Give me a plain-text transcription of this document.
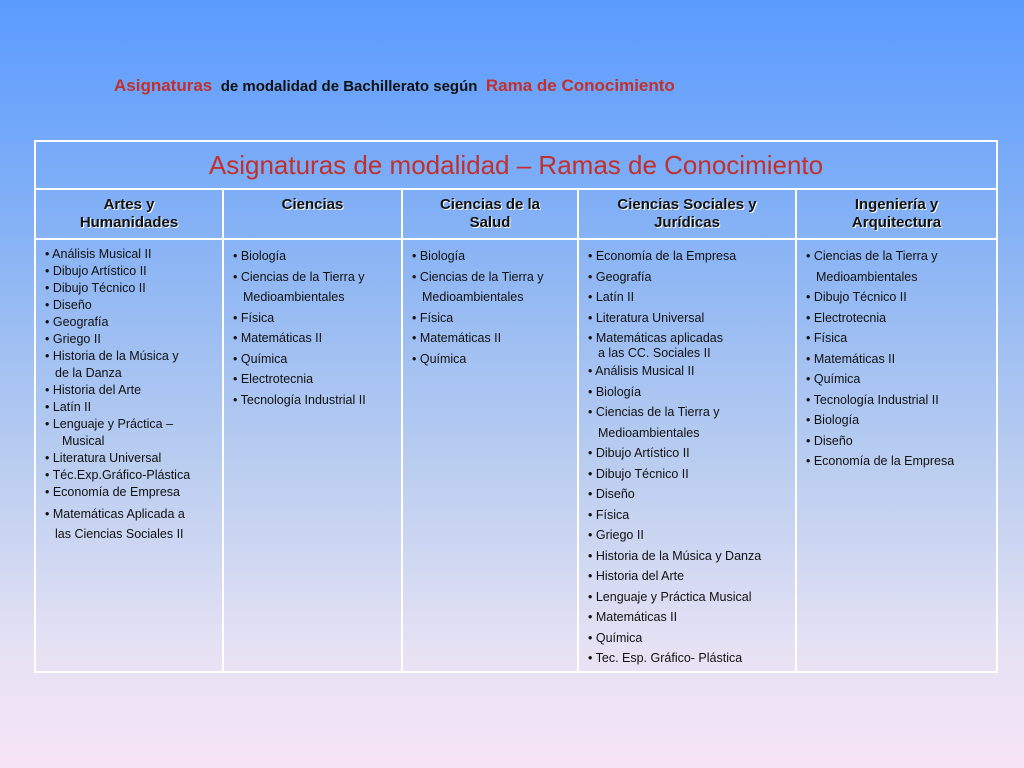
Asignaturas de modalidad de Bachillerato según Rama de Conocimiento
Asignaturas de modalidad – Ramas de Conocimiento
Artes y
Humanidades
Ciencias	Ciencias de la
Salud
Ciencias Sociales y
Jurídicas
Ingeniería y
Arquitectura
• Análisis Musical II
• Dibujo Artístico II
• Dibujo Técnico II
• Diseño
• Geografía
• Griego II
• Historia de la Música y
de la Danza
• Historia del Arte
• Latín II
• Lenguaje y Práctica –
Musical
• Literatura Universal
• Téc.Exp.Gráfico-Plástica
• Economía de Empresa
• Matemáticas Aplicada a
las Ciencias Sociales II
• Biología
• Ciencias de la Tierra y
Medioambientales
• Física
• Matemáticas II
• Química
• Electrotecnia
• Tecnología Industrial II
• Biología
• Ciencias de la Tierra y
Medioambientales
• Física
• Matemáticas II
• Química
• Economía de la Empresa
• Geografía
• Latín II
• Literatura Universal
• Matemáticas aplicadas
a las CC. Sociales II
• Análisis Musical II
• Biología
• Ciencias de la Tierra y
Medioambientales
• Dibujo Artístico II
• Dibujo Técnico II
• Diseño
• Física
• Griego II
• Historia de la Música y Danza
• Historia del Arte
• Lenguaje y Práctica Musical
• Matemáticas II
• Química
• Tec. Esp. Gráfico- Plástica
• Ciencias de la Tierra y
Medioambientales
• Dibujo Técnico II
• Electrotecnia
• Física
• Matemáticas II
• Química
• Tecnología Industrial II
• Biología
• Diseño
• Economía de la Empresa
